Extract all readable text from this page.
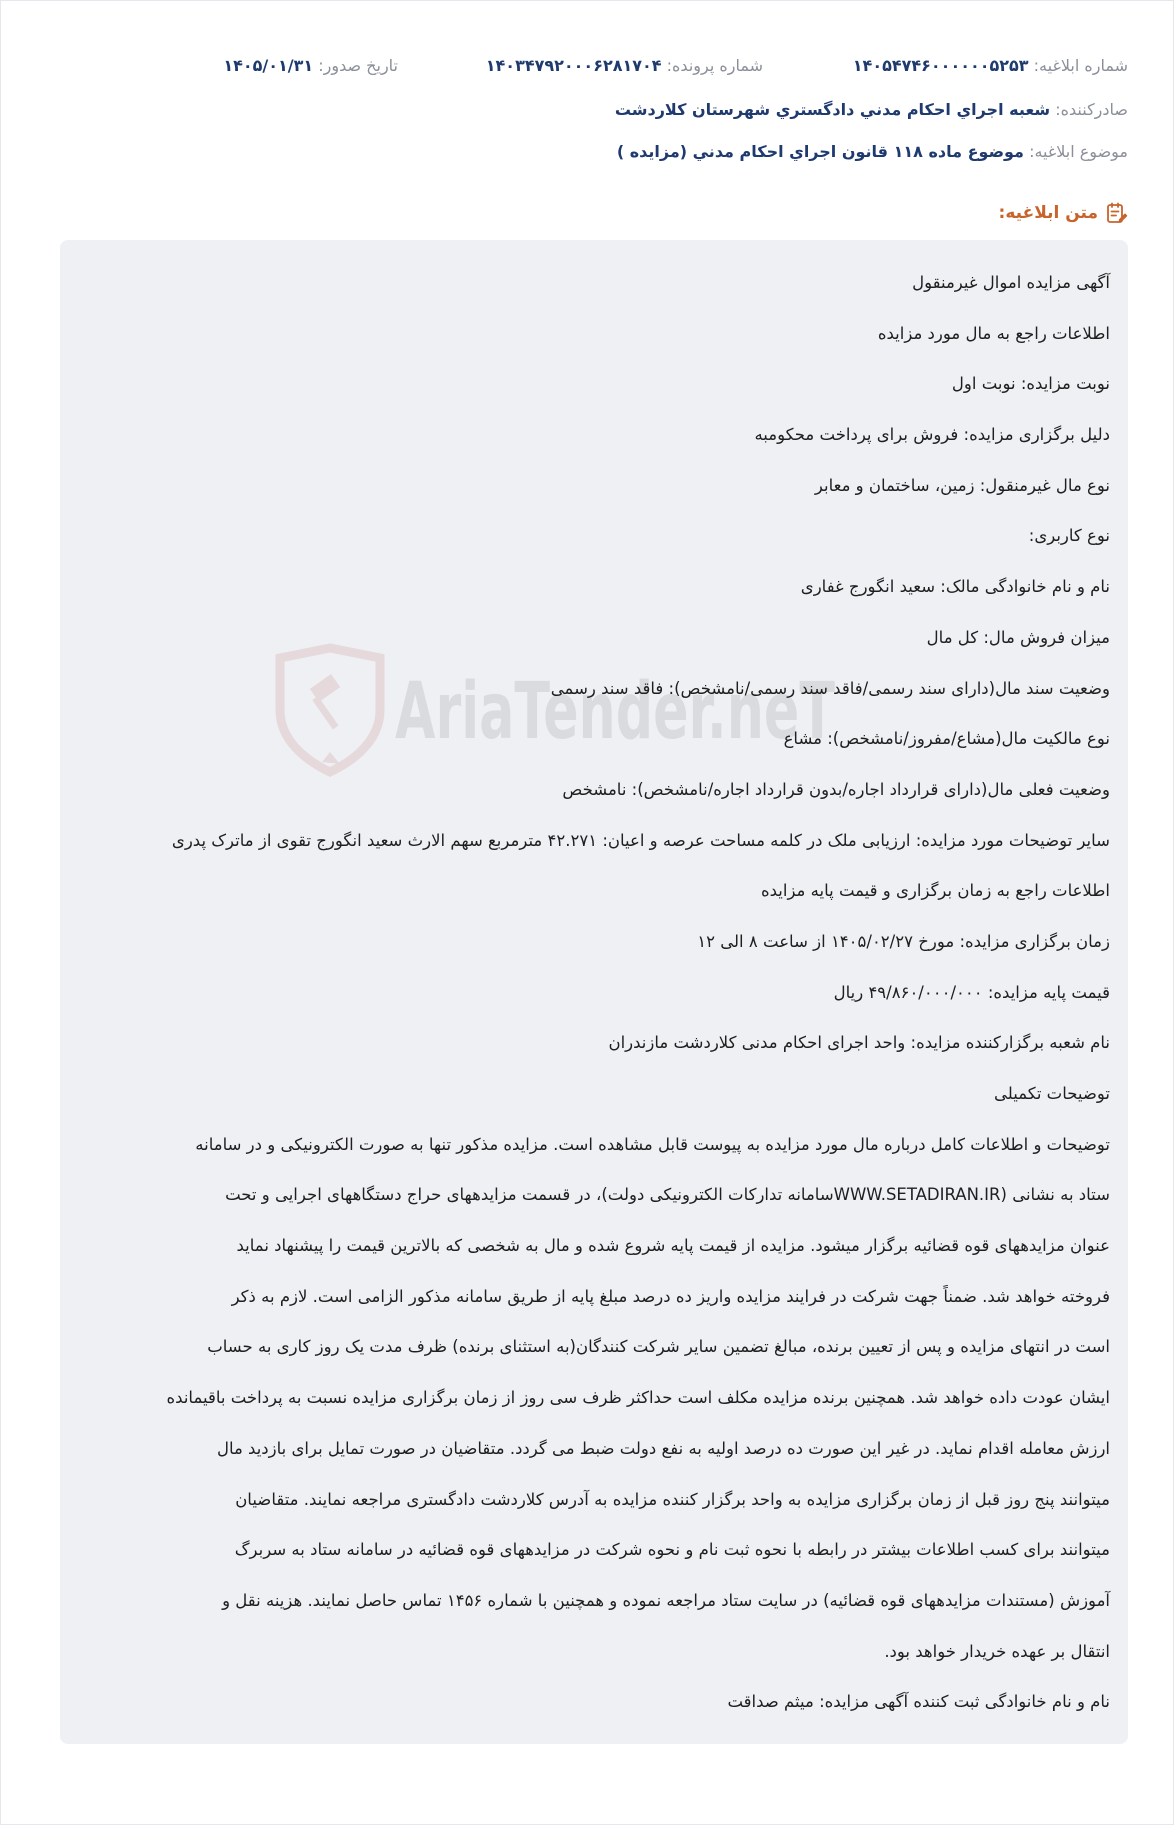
شماره ابلاغیه: ۱۴۰۵۴۷۴۶۰۰۰۰۰۰۵۲۵۳
شماره پرونده: ۱۴۰۳۴۷۹۲۰۰۰۶۲۸۱۷۰۴
تاریخ صدور: ۱۴۰۵/۰۱/۳۱
صادرکننده: شعبه اجراي احکام مدني دادگستري شهرستان کلاردشت
موضوع ابلاغیه: موضوع ماده ۱۱۸ قانون اجراي احکام مدني (مزايده )
متن ابلاغیه:
AriaTender.neT
آگهی مزایده اموال غیرمنقول
اطلاعات راجع به مال مورد مزایده
نوبت مزایده: نوبت اول
دلیل برگزاری مزایده: فروش برای پرداخت محکومبه
نوع مال غیرمنقول: زمین، ساختمان و معابر
نوع کاربری:
نام و نام خانوادگی مالک: سعید انگورج غفاری
میزان فروش مال: کل مال
وضعیت سند مال(دارای سند رسمی/فاقد سند رسمی/نامشخص): فاقد سند رسمی
نوع مالکیت مال(مشاع/مفروز/نامشخص): مشاع
وضعیت فعلی مال(دارای قرارداد اجاره/بدون قرارداد اجاره/نامشخص): نامشخص
سایر توضیحات مورد مزایده: ارزیابی ملک در کلمه مساحت عرصه و اعیان: ۴۲.۲۷۱ مترمربع سهم الارث سعید انگورج تقوی از ماترک پدری
اطلاعات راجع به زمان برگزاری و قیمت پایه مزایده
زمان برگزاری مزایده: مورخ ۱۴۰۵/۰۲/۲۷ از ساعت ۸ الی ۱۲
قیمت پایه مزایده: ۴۹/۸۶۰/۰۰۰/۰۰۰ ریال
نام شعبه برگزارکننده مزایده: واحد اجرای احکام مدنی کلاردشت مازندران
توضیحات تکمیلی
توضیحات و اطلاعات کامل درباره مال مورد مزایده به پیوست قابل مشاهده است. مزایده مذکور تنها به صورت الکترونیکی و در سامانه
ستاد به نشانی (WWW.SETADIRAN.IRسامانه تدارکات الکترونیکی دولت)، در قسمت مزایدههای حراج دستگاههای اجرایی و تحت
عنوان مزایدههای قوه قضائیه برگزار میشود. مزایده از قیمت پایه شروع شده و مال به شخصی که بالاترین قیمت را پیشنهاد نماید
فروخته خواهد شد. ضمناً جهت شرکت در فرایند مزایده واریز ده درصد مبلغ پایه از طریق سامانه مذکور الزامی است. لازم به ذکر
است در انتهای مزایده و پس از تعیین برنده، مبالغ تضمین سایر شرکت کنندگان(به استثنای برنده) ظرف مدت یک روز کاری به حساب
ایشان عودت داده خواهد شد. همچنین برنده مزایده مکلف است حداکثر ظرف سی روز از زمان برگزاری مزایده نسبت به پرداخت باقیمانده
ارزش معامله اقدام نماید. در غیر این صورت ده درصد اولیه به نفع دولت ضبط می گردد. متقاضیان در صورت تمایل برای بازدید مال
میتوانند پنج روز قبل از زمان برگزاری مزایده به واحد برگزار کننده مزایده به آدرس کلاردشت دادگستری مراجعه نمایند. متقاضیان
میتوانند برای کسب اطلاعات بیشتر در رابطه با نحوه ثبت نام و نحوه شرکت در مزایدههای قوه قضائیه در سامانه ستاد به سربرگ
آموزش (مستندات مزایدههای قوه قضائیه) در سایت ستاد مراجعه نموده و همچنین با شماره ۱۴۵۶ تماس حاصل نمایند. هزینه نقل و
انتقال بر عهده خریدار خواهد بود.
نام و نام خانوادگی ثبت کننده آگهی مزایده: میثم صداقت
